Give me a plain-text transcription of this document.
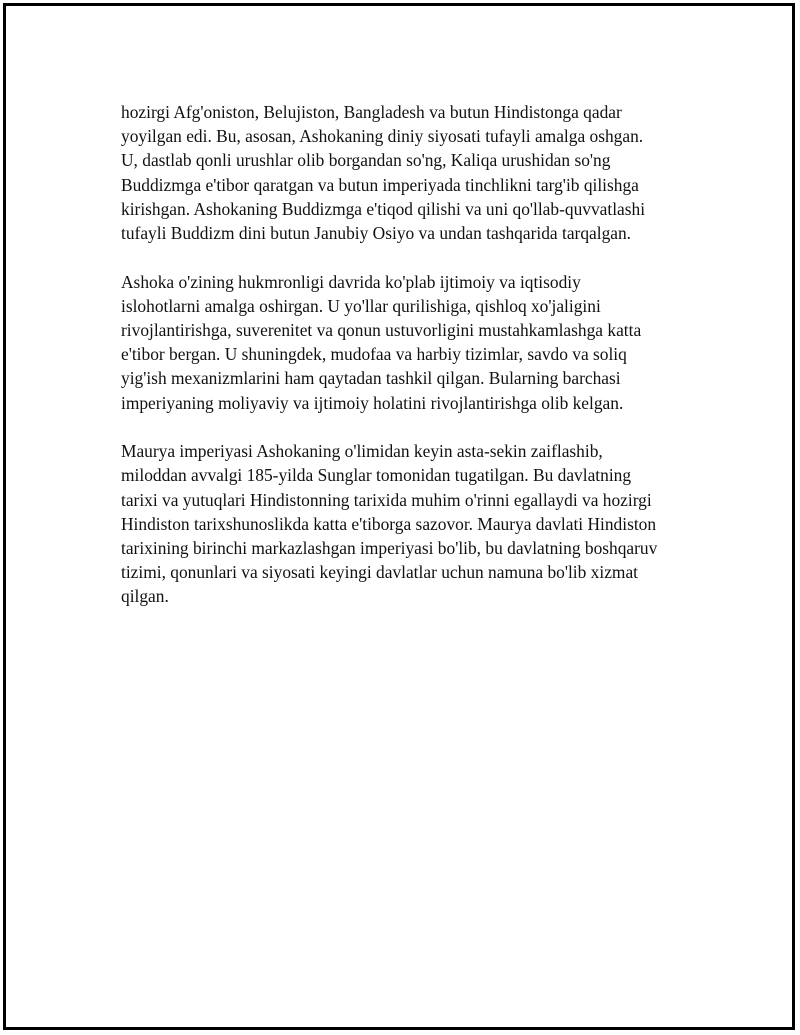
hozirgi Afg'oniston, Belujiston, Bangladesh va butun Hindistonga qadar
yoyilgan edi. Bu, asosan, Ashokaning diniy siyosati tufayli amalga oshgan.
U, dastlab qonli urushlar olib borgandan so'ng, Kaliqa urushidan so'ng
Buddizmga e'tibor qaratgan va butun imperiyada tinchlikni targ'ib qilishga
kirishgan. Ashokaning Buddizmga e'tiqod qilishi va uni qo'llab-quvvatlashi
tufayli Buddizm dini butun Janubiy Osiyo va undan tashqarida tarqalgan.

Ashoka o'zining hukmronligi davrida ko'plab ijtimoiy va iqtisodiy
islohotlarni amalga oshirgan. U yo'llar qurilishiga, qishloq xo'jaligini
rivojlantirishga, suverenitet va qonun ustuvorligini mustahkamlashga katta
e'tibor bergan. U shuningdek, mudofaa va harbiy tizimlar, savdo va soliq
yig'ish mexanizmlarini ham qaytadan tashkil qilgan. Bularning barchasi
imperiyaning moliyaviy va ijtimoiy holatini rivojlantirishga olib kelgan.

Maurya imperiyasi Ashokaning o'limidan keyin asta-sekin zaiflashib,
miloddan avvalgi 185-yilda Sunglar tomonidan tugatilgan. Bu davlatning
tarixi va yutuqlari Hindistonning tarixida muhim o'rinni egallaydi va hozirgi
Hindiston tarixshunoslikda katta e'tiborga sazovor. Maurya davlati Hindiston
tarixining birinchi markazlashgan imperiyasi bo'lib, bu davlatning boshqaruv
tizimi, qonunlari va siyosati keyingi davlatlar uchun namuna bo'lib xizmat
qilgan.
